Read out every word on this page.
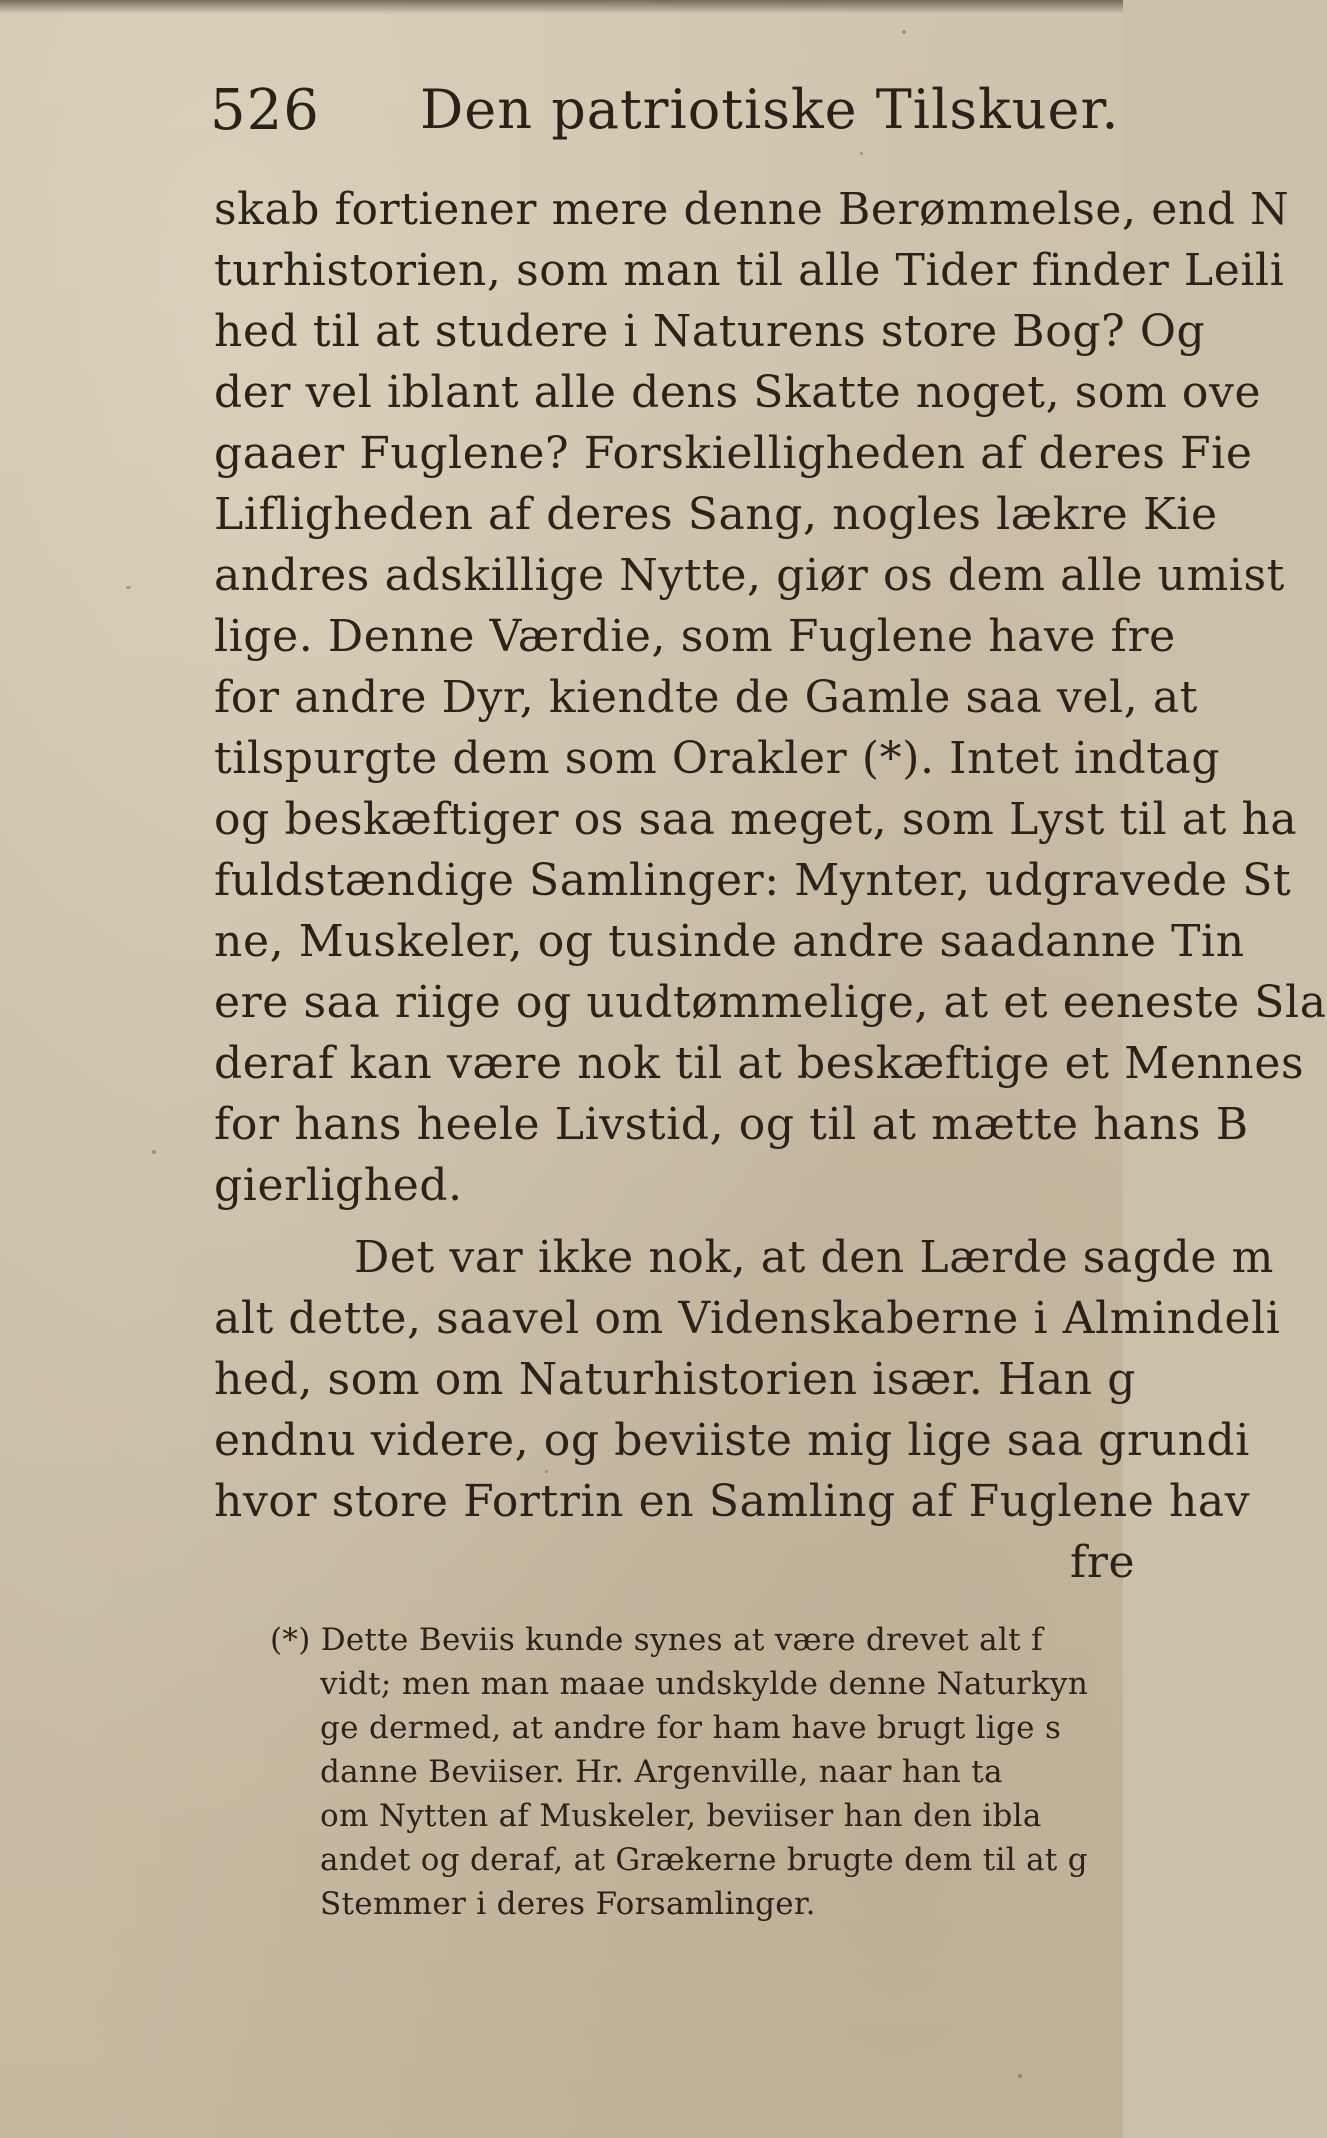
526 Den patriotiske Tilskuer.
skab fortiener mere denne Berømmelse, end N
turhistorien, som man til alle Tider finder Leili
hed til at studere i Naturens store Bog? Og
der vel iblant alle dens Skatte noget, som ove
gaaer Fuglene? Forskielligheden af deres Fie
Lifligheden af deres Sang, nogles lækre Kie
andres adskillige Nytte, giør os dem alle umist
lige. Denne Værdie, som Fuglene have fre
for andre Dyr, kiendte de Gamle saa vel, at
tilspurgte dem som Orakler (*). Intet indtag
og beskæftiger os saa meget, som Lyst til at ha
fuldstændige Samlinger: Mynter, udgravede St
ne, Muskeler, og tusinde andre saadanne Tin
ere saa riige og uudtømmelige, at et eeneste Sla
deraf kan være nok til at beskæftige et Mennes
for hans heele Livstid, og til at mætte hans B
gierlighed.
Det var ikke nok, at den Lærde sagde m
alt dette, saavel om Videnskaberne i Almindeli
hed, som om Naturhistorien især. Han g
endnu videre, og beviiste mig lige saa grundi
hvor store Fortrin en Samling af Fuglene hav
fre
(*) Dette Beviis kunde synes at være drevet alt f
vidt; men man maae undskylde denne Naturkyn
ge dermed, at andre for ham have brugt lige s
danne Beviiser. Hr. Argenville, naar han ta
om Nytten af Muskeler, beviiser han den ibla
andet og deraf, at Grækerne brugte dem til at g
Stemmer i deres Forsamlinger.
